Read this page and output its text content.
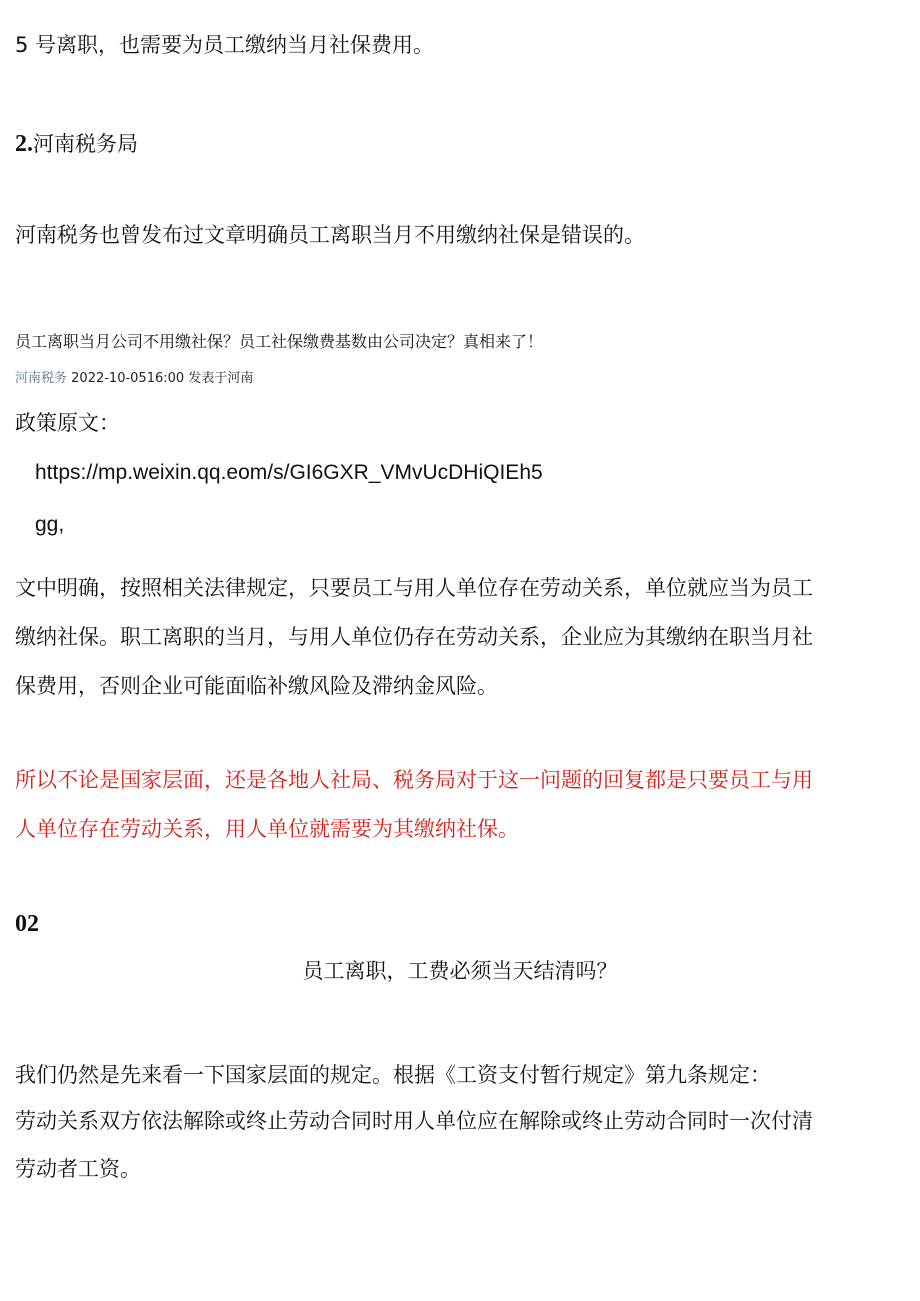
5 号离职，也需要为员工缴纳当月社保费用。

2.河南税务局

河南税务也曾发布过文章明确员工离职当月不用缴纳社保是错误的。

员工离职当月公司不用缴社保？员工社保缴费基数由公司决定？真相来了！

河南税务 2022-10-0516:00 发表于河南

政策原文：

https://mp.weixin.qq.eom/s/GI6GXR_VMvUcDHiQIEh5

gg,

文中明确，按照相关法律规定，只要员工与用人单位存在劳动关系，单位就应当为员工

缴纳社保。职工离职的当月，与用人单位仍存在劳动关系，企业应为其缴纳在职当月社

保费用，否则企业可能面临补缴风险及滞纳金风险。

所以不论是国家层面，还是各地人社局、税务局对于这一问题的回复都是只要员工与用

人单位存在劳动关系，用人单位就需要为其缴纳社保。

02

员工离职，工费必须当天结清吗？

我们仍然是先来看一下国家层面的规定。根据《工资支付暂行规定》第九条规定：

劳动关系双方依法解除或终止劳动合同时用人单位应在解除或终止劳动合同时一次付清

劳动者工资。
